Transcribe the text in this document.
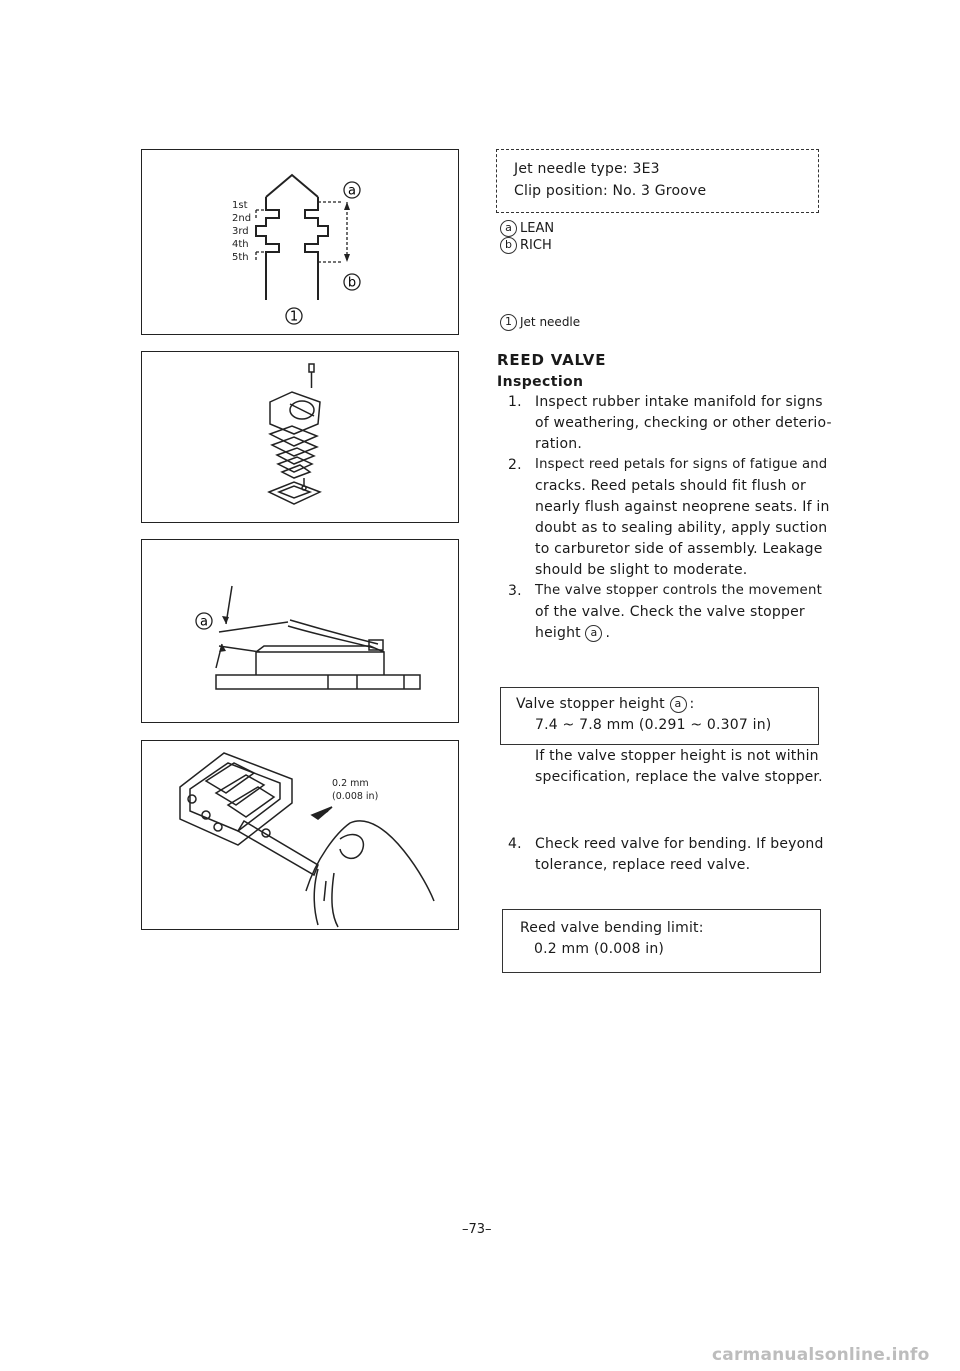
a
b
1
1st
2nd
3rd
4th
5th
a
0.2 mm
(0.008 in)
Jet needle type: 3E3
Clip position: No. 3 Groove
a LEAN
b RICH
1 Jet needle
REED VALVE
Inspection
1. Inspect rubber intake manifold for signs
of weathering, checking or other deterio-
ration.
2. Inspect reed petals for signs of fatigue and
cracks. Reed petals should fit flush or
nearly flush against neoprene seats. If in
doubt as to sealing ability, apply suction
to carburetor side of assembly. Leakage
should be slight to moderate.
3. The valve stopper controls the movement
of the valve. Check the valve stopper
height a .
Valve stopper height a :
7.4 ~ 7.8 mm (0.291 ~ 0.307 in)
If the valve stopper height is not within
specification, replace the valve stopper.
4. Check reed valve for bending. If beyond
tolerance, replace reed valve.
Reed valve bending limit:
0.2 mm (0.008 in)
–73–
carmanualsonline.info
